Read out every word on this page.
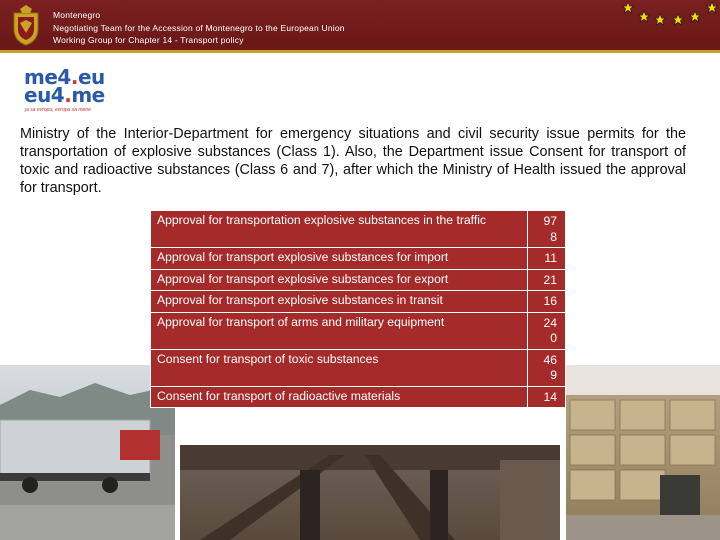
Montenegro
Negotiating Team for the Accession of Montenegro to the European Union
Working Group for Chapter 14 - Transport policy
me4.eu
eu4.me
ja sa evropu, evropa sa mene
Ministry of the Interior-Department for emergency situations and civil security issue permits for the transportation of explosive substances (Class 1). Also, the Department issue Consent for transport of toxic and radioactive substances (Class 6 and 7), after which the Ministry of Health issued the approval for transport.
Approval for transportation explosive substances in the traffic	97
8

Approval for transport explosive substances for import	11

Approval for transport explosive substances for export	21

Approval for transport explosive substances in transit	16

Approval for transport of arms and military equipment	24
0

Consent for transport of toxic substances	46
9

Consent for transport of radioactive materials	14
